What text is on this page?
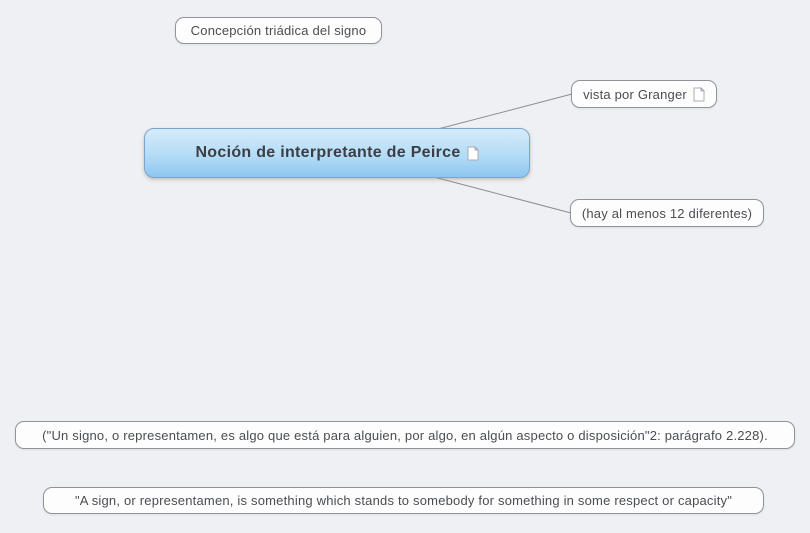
Concepción triádica del signo
Noción de interpretante de Peirce
vista por Granger
(hay al menos 12 diferentes)
("Un signo, o representamen, es algo que está para alguien, por algo, en algún aspecto o disposición"2: parágrafo 2.228).
"A sign, or representamen, is something which stands to somebody for something in some respect or capacity"
